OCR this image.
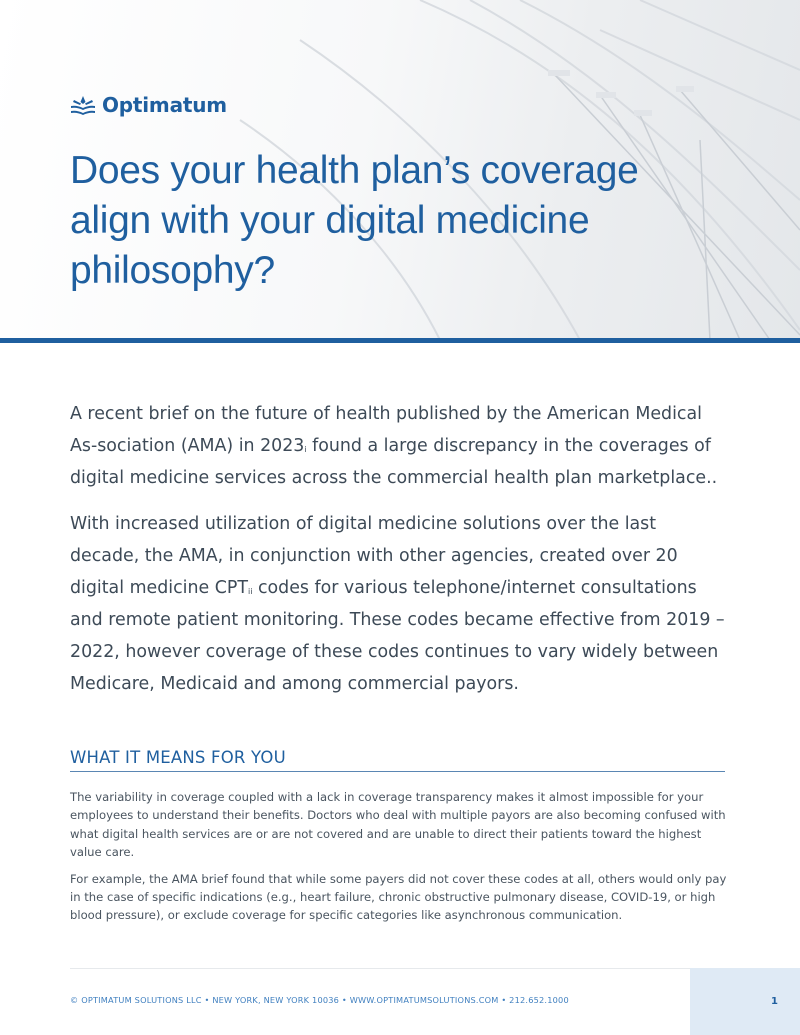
Optimatum
Does your health plan’s coverage align with your digital medicine philosophy?

A recent brief on the future of health published by the American Medical As-sociation (AMA) in 2023$^i$ found a large discrepancy in the coverages of digital medicine services across the commercial health plan marketplace..

With increased utilization of digital medicine solutions over the last decade, the AMA, in conjunction with other agencies, created over 20 digital medicine CPT$^{ii}$ codes for various telephone/internet consultations and remote patient monitoring. These codes became effective from 2019 – 2022, however coverage of these codes continues to vary widely between Medicare, Medicaid and among commercial payors.

WHAT IT MEANS FOR YOU

The variability in coverage coupled with a lack in coverage transparency makes it almost impossible for your employees to understand their benefits. Doctors who deal with multiple payors are also becoming confused with what digital health services are or are not covered and are unable to direct their patients toward the highest value care.

For example, the AMA brief found that while some payers did not cover these codes at all, others would only pay in the case of specific indications (e.g., heart failure, chronic obstructive pulmonary disease, COVID-19, or high blood pressure), or exclude coverage for specific categories like asynchronous communication.

© OPTIMATUM SOLUTIONS LLC • NEW YORK, NEW YORK 10036 • WWW.OPTIMATUMSOLUTIONS.COM • 212.652.1000	1
